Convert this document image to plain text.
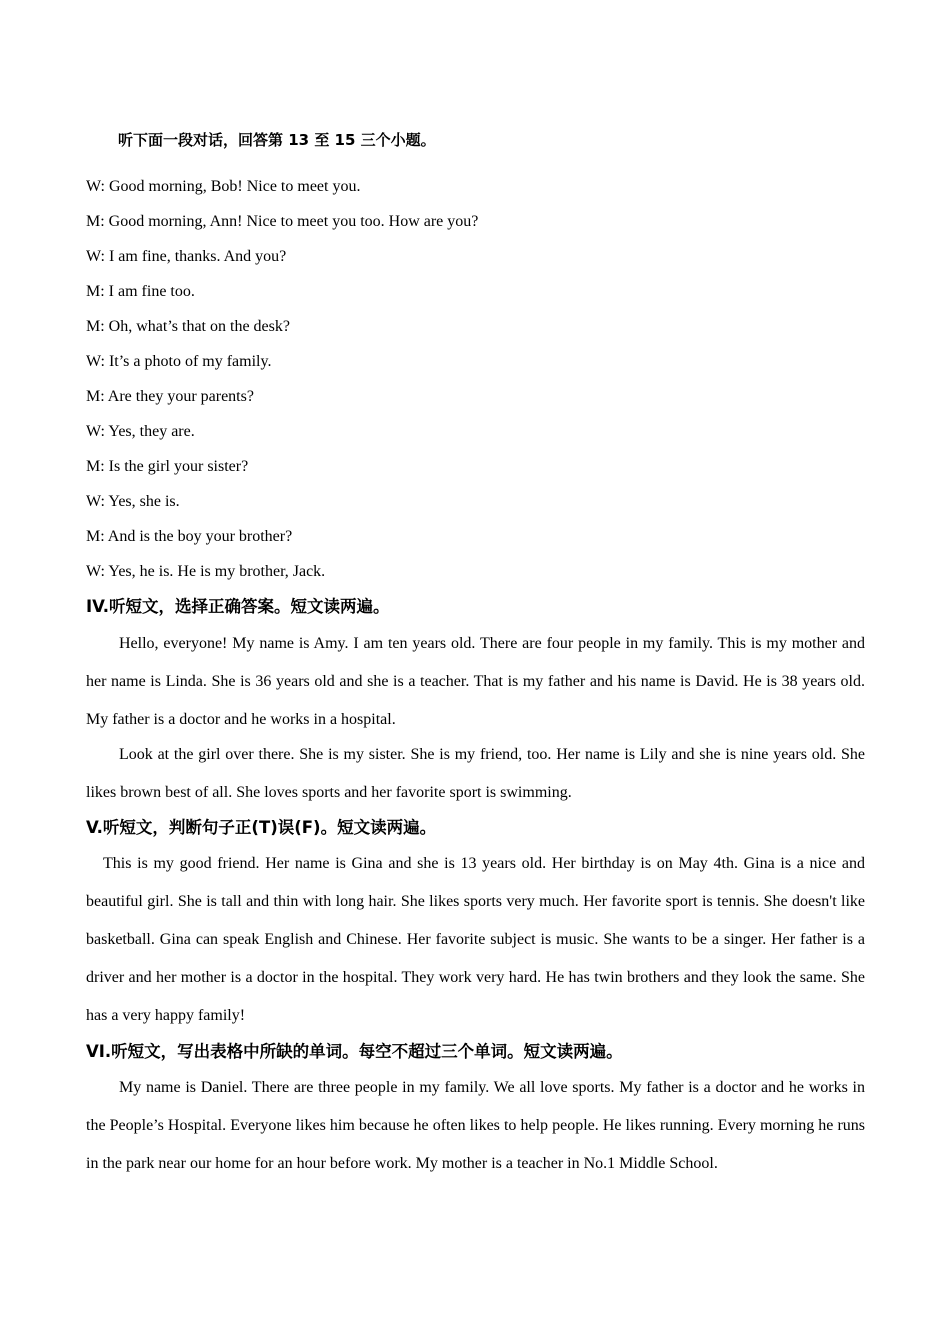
听下面一段对话，回答第 13 至 15 三个小题。
W: Good morning, Bob! Nice to meet you.
M: Good morning, Ann! Nice to meet you too. How are you?
W: I am fine, thanks. And you?
M: I am fine too.
M: Oh, what’s that on the desk?
W: It’s a photo of my family.
M: Are they your parents?
W: Yes, they are.
M: Is the girl your sister?
W: Yes, she is.
M: And is the boy your brother?
W: Yes, he is. He is my brother, Jack.
IV.听短文，选择正确答案。短文读两遍。
Hello, everyone! My name is Amy. I am ten years old. There are four people in my family. This is my mother and her name is Linda. She is 36 years old and she is a teacher. That is my father and his name is David. He is 38 years old. My father is a doctor and he works in a hospital.
Look at the girl over there. She is my sister. She is my friend, too. Her name is Lily and she is nine years old. She likes brown best of all. She loves sports and her favorite sport is swimming.
V.听短文，判断句子正(T)误(F)。短文读两遍。
This is my good friend. Her name is Gina and she is 13 years old. Her birthday is on May 4th. Gina is a nice and beautiful girl. She is tall and thin with long hair. She likes sports very much. Her favorite sport is tennis. She doesn't like basketball. Gina can speak English and Chinese. Her favorite subject is music. She wants to be a singer. Her father is a driver and her mother is a doctor in the hospital. They work very hard. He has twin brothers and they look the same. She has a very happy family!
VI.听短文，写出表格中所缺的单词。每空不超过三个单词。短文读两遍。
My name is Daniel. There are three people in my family. We all love sports. My father is a doctor and he works in the People’s Hospital. Everyone likes him because he often likes to help people. He likes running. Every morning he runs in the park near our home for an hour before work. My mother is a teacher in No.1 Middle School.
